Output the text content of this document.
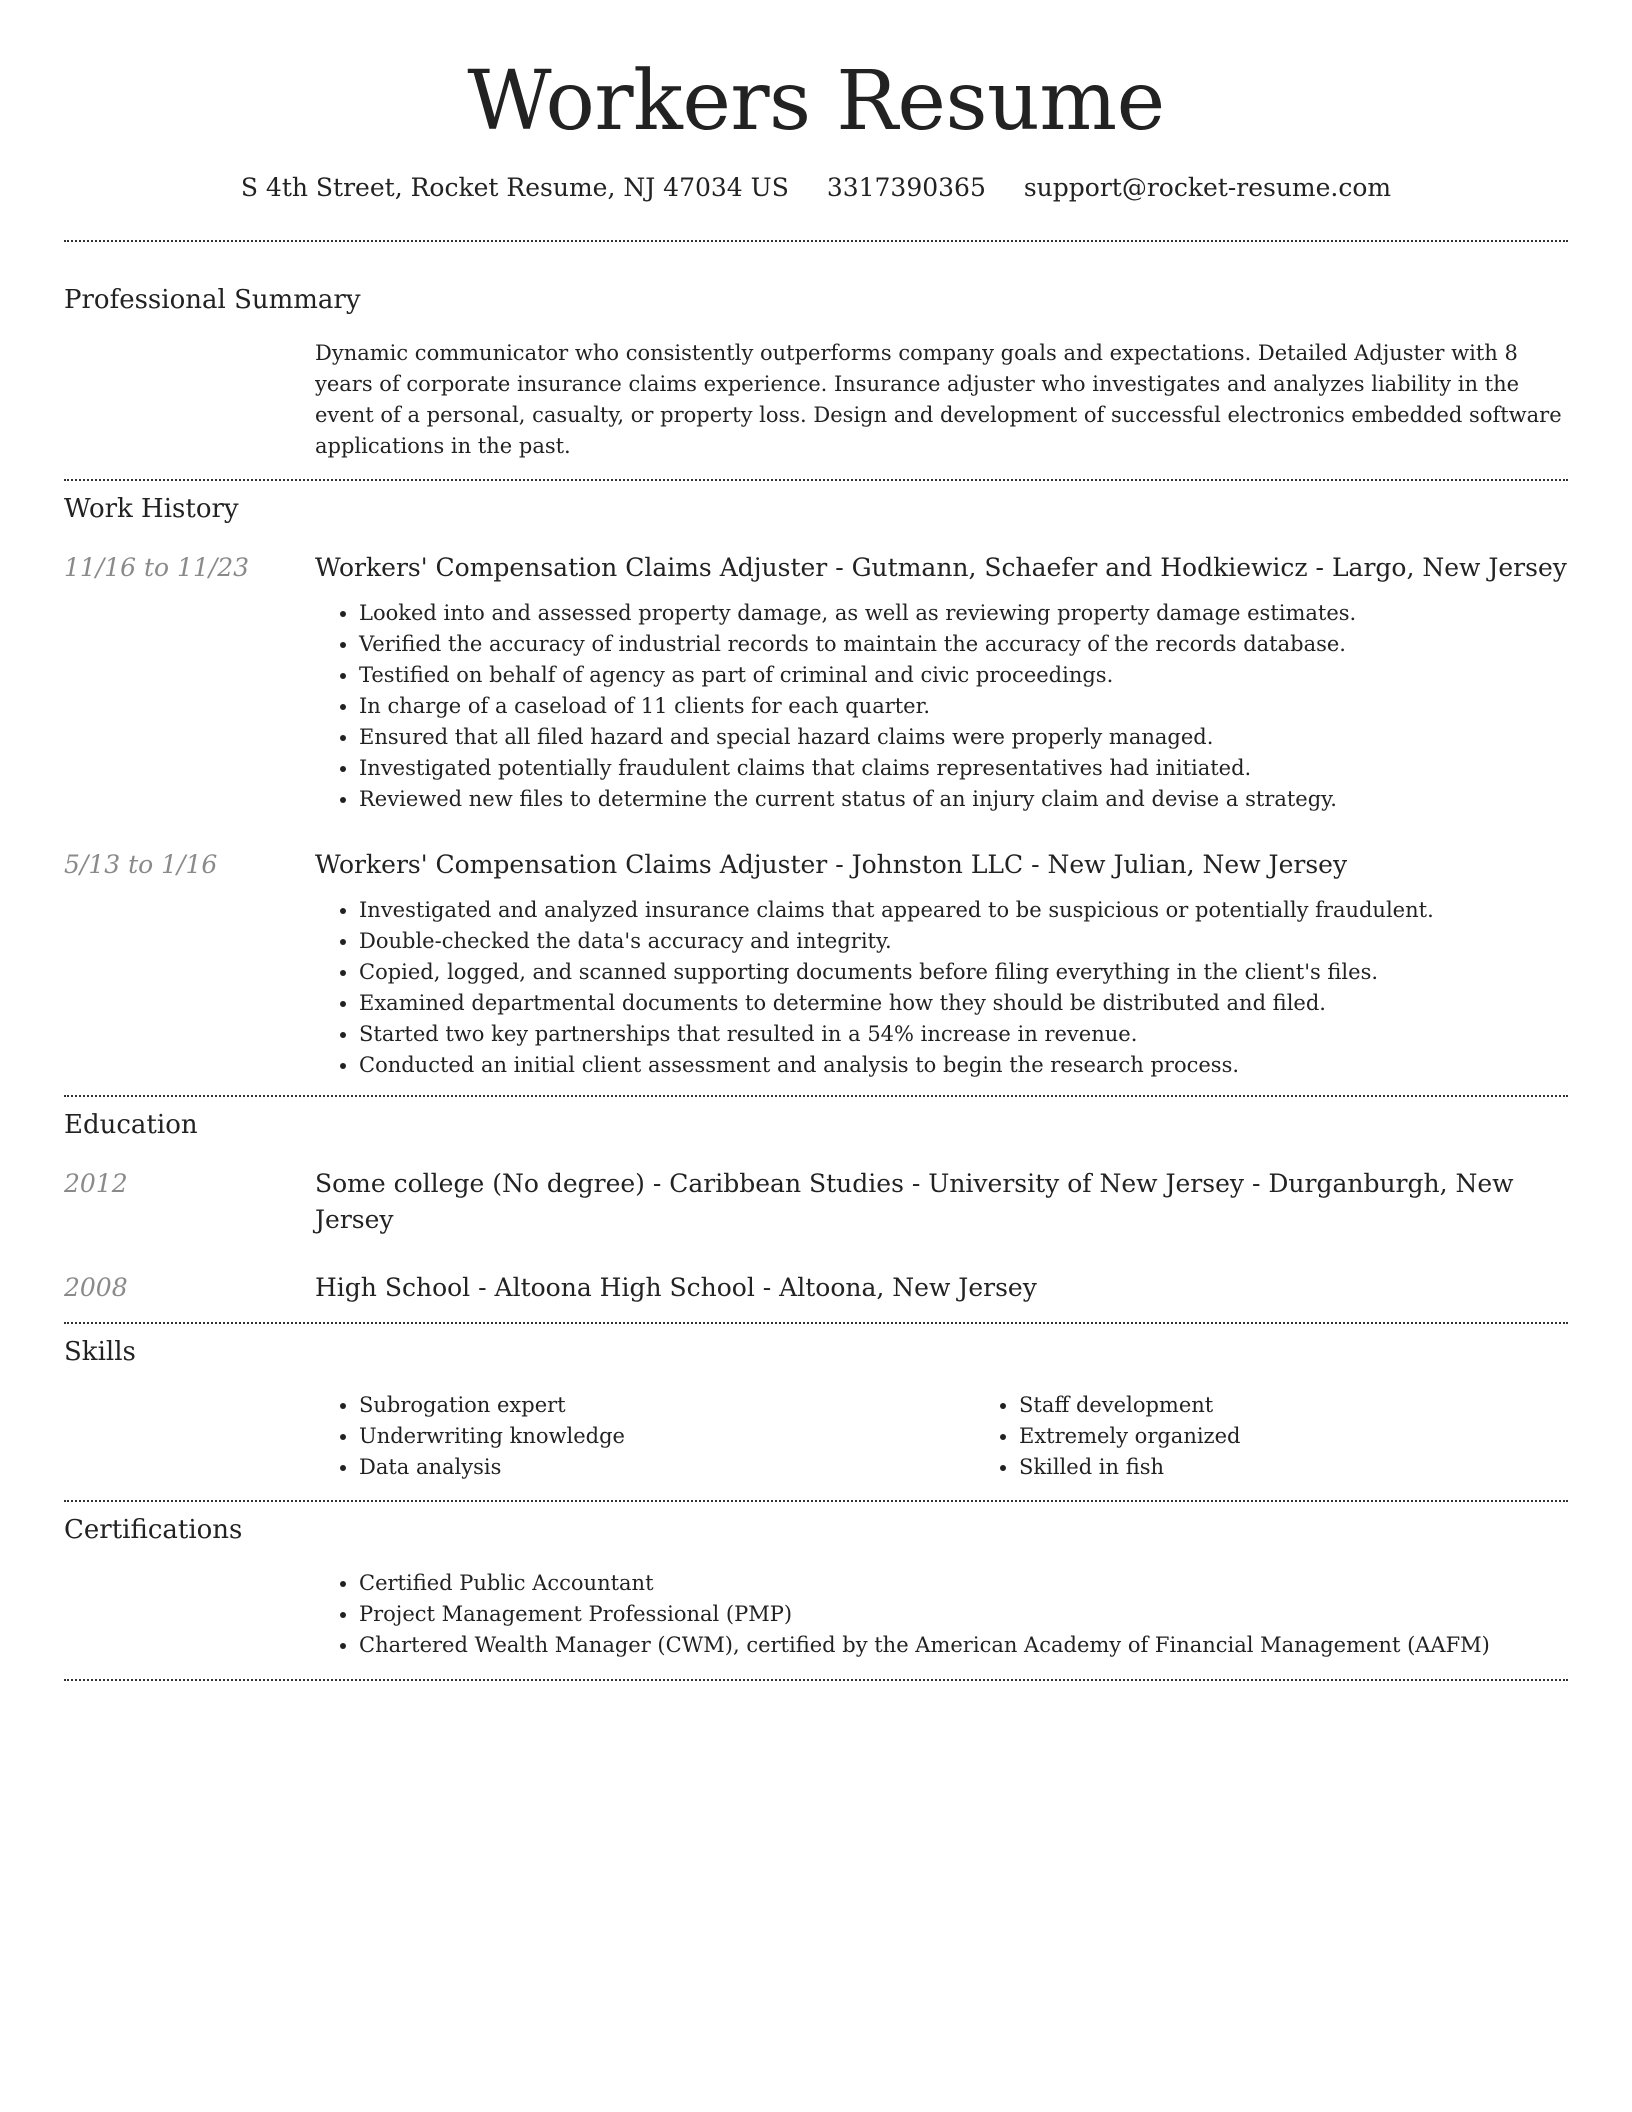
Workers Resume
S 4th Street, Rocket Resume, NJ 47034 US 3317390365 support@rocket-resume.com
Professional Summary

Dynamic communicator who consistently outperforms company goals and expectations. Detailed Adjuster with 8 years of corporate insurance claims experience. Insurance adjuster who investigates and analyzes liability in the event of a personal, casualty, or property loss. Design and development of successful electronics embedded software applications in the past.

Work History
11/16 to 11/23	Workers' Compensation Claims Adjuster - Gutmann, Schaefer and Hodkiewicz - Largo, New Jersey

• Looked into and assessed property damage, as well as reviewing property damage estimates.
• Verified the accuracy of industrial records to maintain the accuracy of the records database.
• Testified on behalf of agency as part of criminal and civic proceedings.
• In charge of a caseload of 11 clients for each quarter.
• Ensured that all filed hazard and special hazard claims were properly managed.
• Investigated potentially fraudulent claims that claims representatives had initiated.
• Reviewed new files to determine the current status of an injury claim and devise a strategy.
5/13 to 1/16	Workers' Compensation Claims Adjuster - Johnston LLC - New Julian, New Jersey

• Investigated and analyzed insurance claims that appeared to be suspicious or potentially fraudulent.
• Double-checked the data's accuracy and integrity.
• Copied, logged, and scanned supporting documents before filing everything in the client's files.
• Examined departmental documents to determine how they should be distributed and filed.
• Started two key partnerships that resulted in a 54% increase in revenue.
• Conducted an initial client assessment and analysis to begin the research process.
Education
2012	Some college (No degree) - Caribbean Studies - University of New Jersey - Durganburgh, New Jersey

2008	High School - Altoona High School - Altoona, New Jersey

Skills
• Subrogation expert
• Underwriting knowledge
• Data analysis
• Staff development
• Extremely organized
• Skilled in fish
Certifications
• Certified Public Accountant
• Project Management Professional (PMP)
• Chartered Wealth Manager (CWM), certified by the American Academy of Financial Management (AAFM)
